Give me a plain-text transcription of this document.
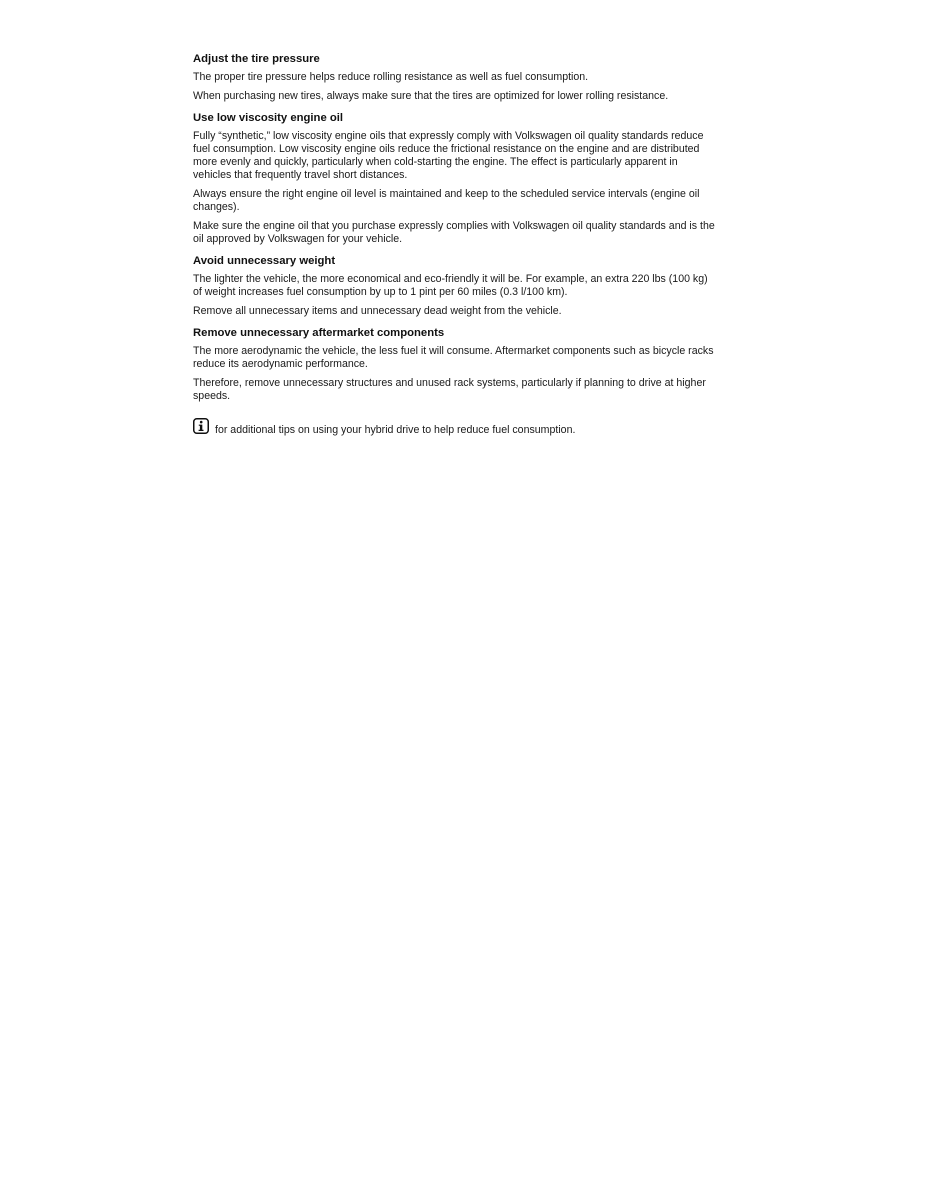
Adjust the tire pressure

The proper tire pressure helps reduce rolling resistance as well as fuel consumption.

When purchasing new tires, always make sure that the tires are optimized for lower rolling resistance.

Use low viscosity engine oil

Fully “synthetic,” low viscosity engine oils that expressly comply with Volkswagen oil quality standards reduce fuel consumption. Low viscosity engine oils reduce the frictional resistance on the engine and are distributed more evenly and quickly, particularly when cold-starting the engine. The effect is particularly apparent in vehicles that frequently travel short distances.

Always ensure the right engine oil level is maintained and keep to the scheduled service intervals (engine oil changes).

Make sure the engine oil that you purchase expressly complies with Volkswagen oil quality standards and is the oil approved by Volkswagen for your vehicle.

Avoid unnecessary weight

The lighter the vehicle, the more economical and eco-friendly it will be. For example, an extra 220 lbs (100 kg) of weight increases fuel consumption by up to 1 pint per 60 miles (0.3 l/100 km).

Remove all unnecessary items and unnecessary dead weight from the vehicle.

Remove unnecessary aftermarket components

The more aerodynamic the vehicle, the less fuel it will consume. Aftermarket components such as bicycle racks reduce its aerodynamic performance.

Therefore, remove unnecessary structures and unused rack systems, particularly if planning to drive at higher speeds.

for additional tips on using your hybrid drive to help reduce fuel consumption.
